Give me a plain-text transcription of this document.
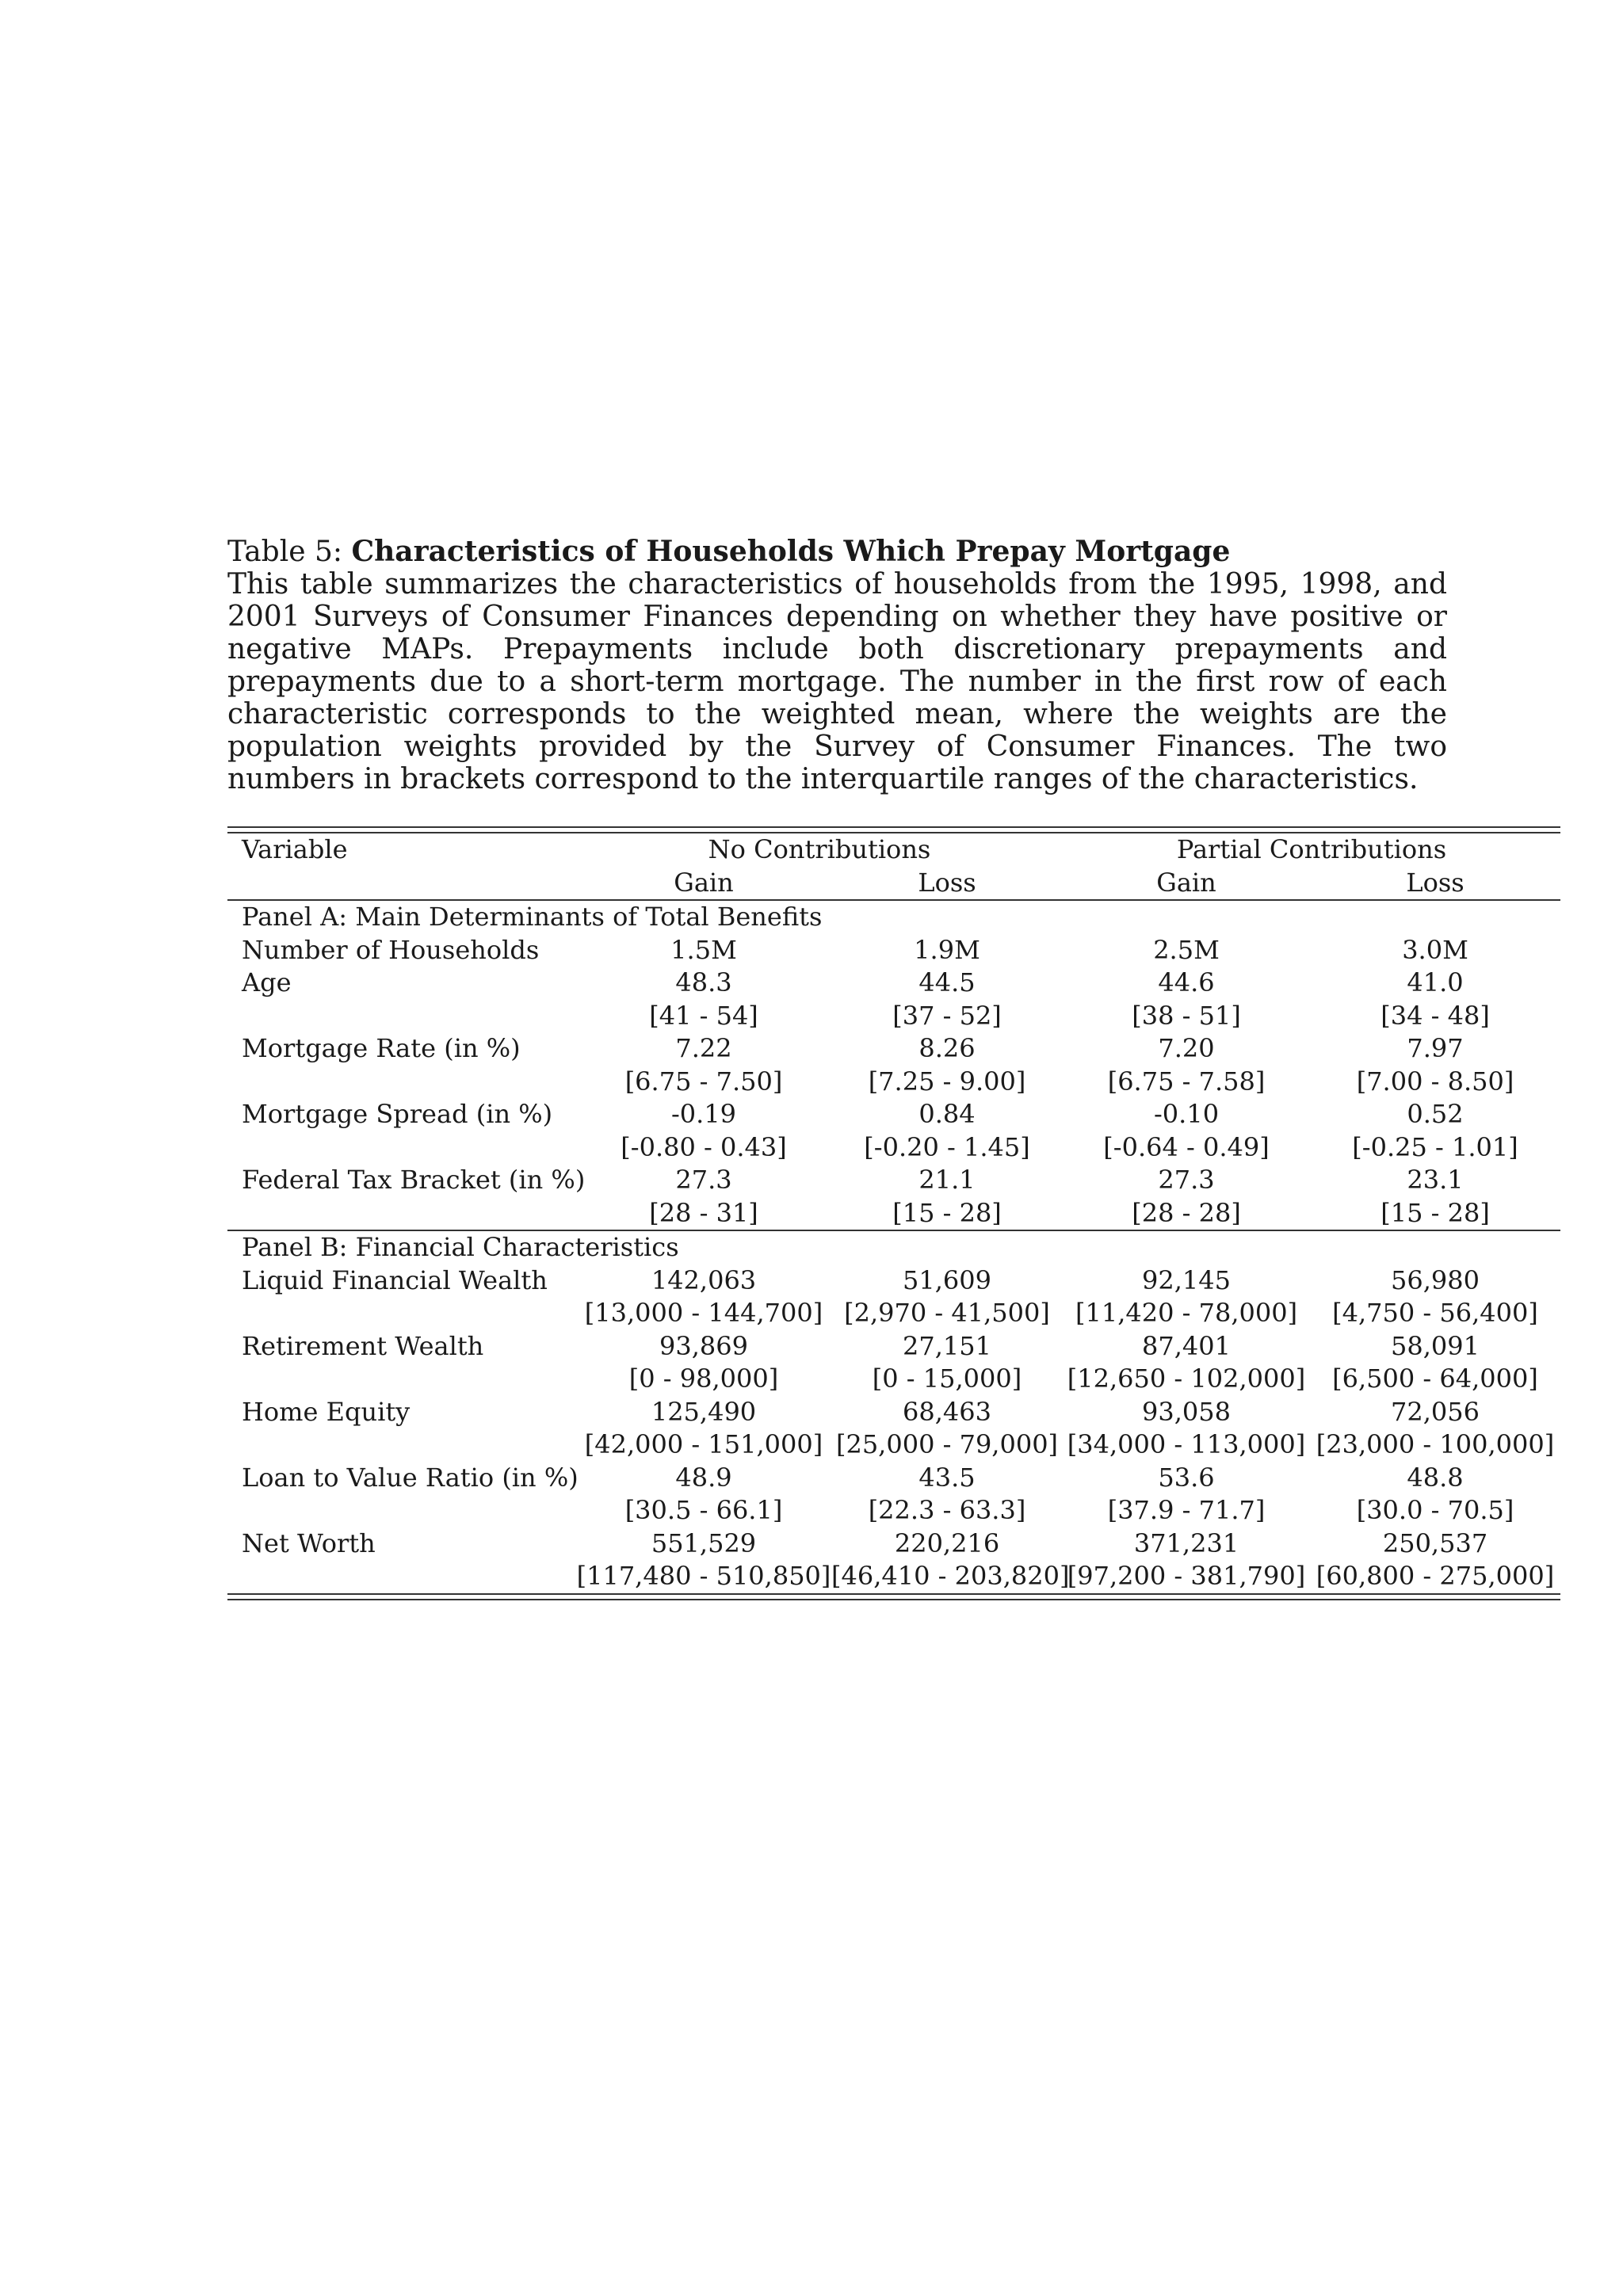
Table 5: Characteristics of Households Which Prepay Mortgage
This table summarizes the characteristics of households from the 1995, 1998, and 2001 Surveys of Consumer Finances depending on whether they have positive or negative MAPs. Prepayments include both discretionary prepayments and prepayments due to a short-term mortgage. The number in the first row of each characteristic corresponds to the weighted mean, where the weights are the population weights provided by the Survey of Consumer Finances. The two numbers in brackets correspond to the interquartile ranges of the characteristics.
Variable	No Contributions		Partial Contributions	
	Gain	Loss	Gain	Loss
Panel A: Main Determinants of Total Benefits				
Number of Households	1.5M	1.9M	2.5M	3.0M
Age	48.3	44.5	44.6	41.0
	[41 - 54]	[37 - 52]	[38 - 51]	[34 - 48]
Mortgage Rate (in %)	7.22	8.26	7.20	7.97
	[6.75 - 7.50]	[7.25 - 9.00]	[6.75 - 7.58]	[7.00 - 8.50]
Mortgage Spread (in %)	-0.19	0.84	-0.10	0.52
	[-0.80 - 0.43]	[-0.20 - 1.45]	[-0.64 - 0.49]	[-0.25 - 1.01]
Federal Tax Bracket (in %)	27.3	21.1	27.3	23.1
	[28 - 31]	[15 - 28]	[28 - 28]	[15 - 28]
Panel B: Financial Characteristics				
Liquid Financial Wealth	142,063	51,609	92,145	56,980
	[13,000 - 144,700]	[2,970 - 41,500]	[11,420 - 78,000]	[4,750 - 56,400]
Retirement Wealth	93,869	27,151	87,401	58,091
	[0 - 98,000]	[0 - 15,000]	[12,650 - 102,000]	[6,500 - 64,000]
Home Equity	125,490	68,463	93,058	72,056
	[42,000 - 151,000]	[25,000 - 79,000]	[34,000 - 113,000]	[23,000 - 100,000]
Loan to Value Ratio (in %)	48.9	43.5	53.6	48.8
	[30.5 - 66.1]	[22.3 - 63.3]	[37.9 - 71.7]	[30.0 - 70.5]
Net Worth	551,529	220,216	371,231	250,537
	[117,480 - 510,850]	[46,410 - 203,820]	[97,200 - 381,790]	[60,800 - 275,000]
